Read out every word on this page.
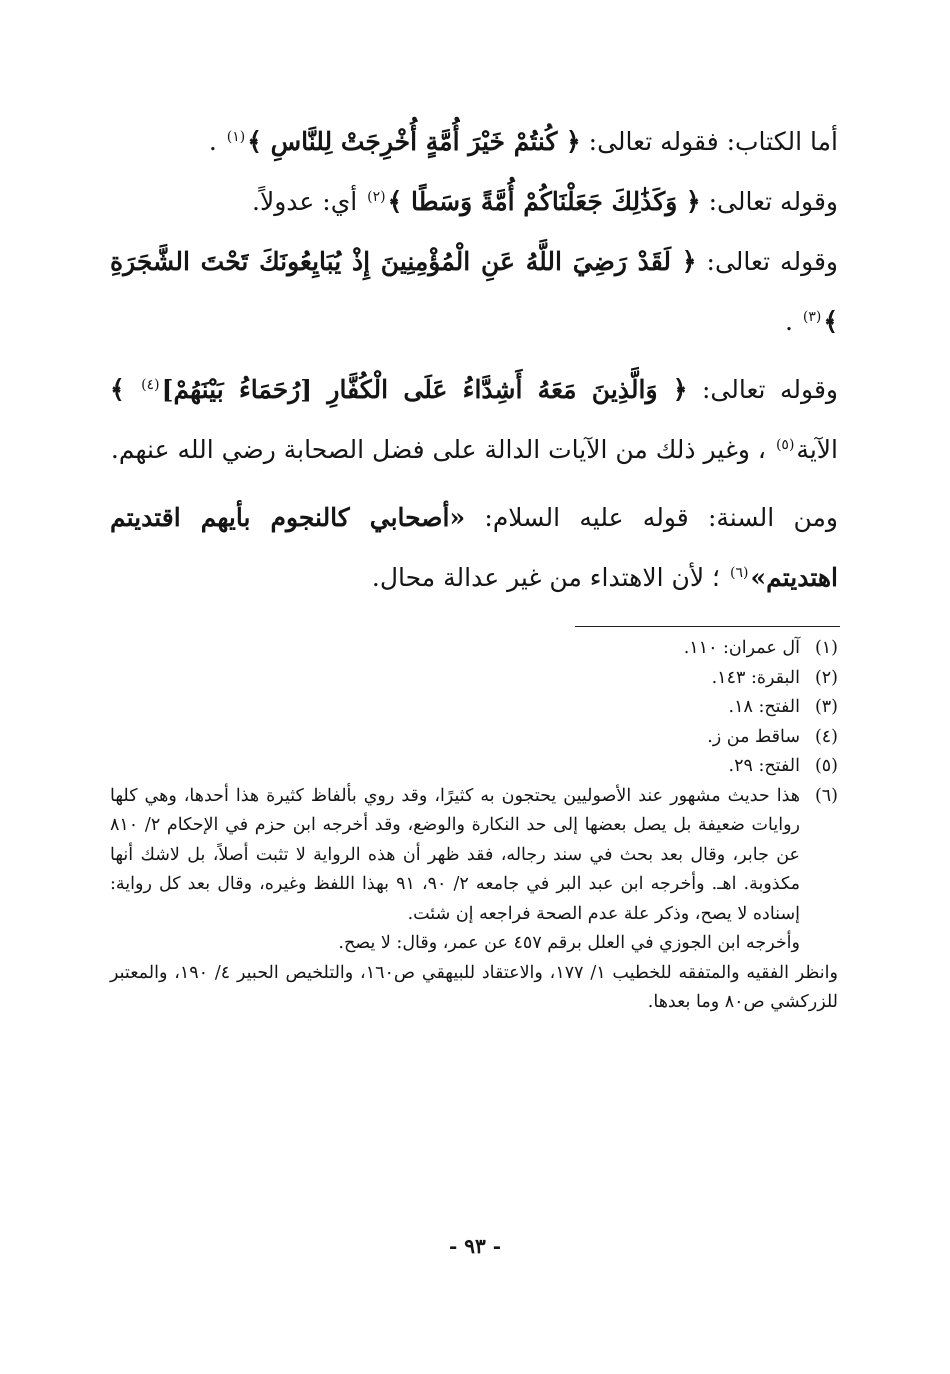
أما الكتاب: فقوله تعالى: ﴿ كُنتُمْ خَيْرَ أُمَّةٍ أُخْرِجَتْ لِلنَّاسِ ﴾$^{(١)}$ .

وقوله تعالى: ﴿ وَكَذَٰلِكَ جَعَلْنَاكُمْ أُمَّةً وَسَطًا ﴾$^{(٢)}$ أي: عدولاً.

وقوله تعالى: ﴿ لَقَدْ رَضِيَ اللَّهُ عَنِ الْمُؤْمِنِينَ إِذْ يُبَايِعُونَكَ تَحْتَ الشَّجَرَةِ ﴾$^{(٣)}$ .

وقوله تعالى: ﴿ وَالَّذِينَ مَعَهُ أَشِدَّاءُ عَلَى الْكُفَّارِ [رُحَمَاءُ بَيْنَهُمْ]$^{(٤)}$ ﴾ الآية$^{(٥)}$ ، وغير ذلك من الآيات الدالة على فضل الصحابة رضي الله عنهم.

ومن السنة: قوله عليه السلام: «أصحابي كالنجوم بأيهم اقتديتم اهتديتم»$^{(٦)}$ ؛ لأن الاهتداء من غير عدالة محال.

(١)
آل عمران: ١١٠.
(٢)
البقرة: ١٤٣.
(٣)
الفتح: ١٨.
(٤)
ساقط من ز.
(٥)
الفتح: ٢٩.
(٦)
هذا حديث مشهور عند الأصوليين يحتجون به كثيرًا، وقد روي بألفاظ كثيرة هذا أحدها، وهي كلها روايات ضعيفة بل يصل بعضها إلى حد النكارة والوضع، وقد أخرجه ابن حزم في الإحكام ٢/ ٨١٠ عن جابر، وقال بعد بحث في سند رجاله، فقد ظهر أن هذه الرواية لا تثبت أصلاً، بل لاشك أنها مكذوبة. اهـ. وأخرجه ابن عبد البر في جامعه ٢/ ٩٠، ٩١ بهذا اللفظ وغيره، وقال بعد كل رواية: إسناده لا يصح، وذكر علة عدم الصحة فراجعه إن شئت.
وأخرجه ابن الجوزي في العلل برقم ٤٥٧ عن عمر، وقال: لا يصح.
وانظر الفقيه والمتفقه للخطيب ١/ ١٧٧، والاعتقاد للبيهقي ص١٦٠، والتلخيص الحبير ٤/ ١٩٠، والمعتبر للزركشي ص٨٠ وما بعدها.
- ٩٣ -
